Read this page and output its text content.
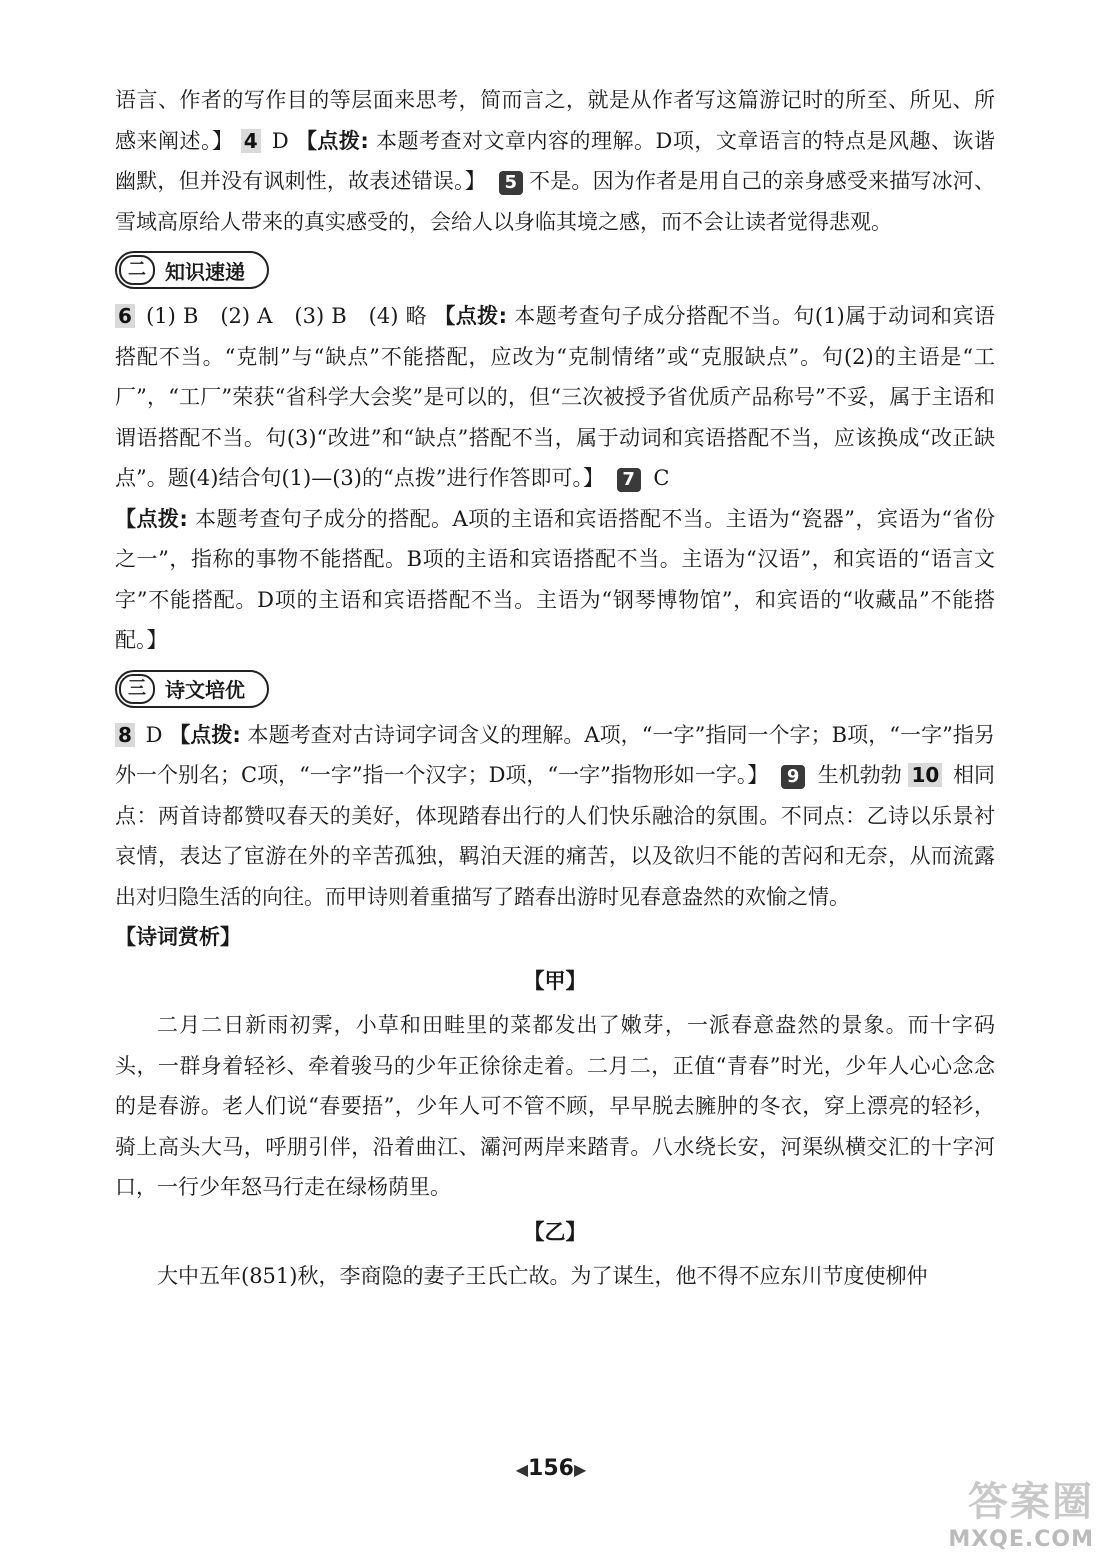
语言、作者的写作目的等层面来思考，简而言之，就是从作者写这篇游记时的所至、所见、所感来阐述。】 4 D 【点拨: 本题考查对文章内容的理解。D项，文章语言的特点是风趣、诙谐幽默，但并没有讽刺性，故表述错误。】 5 不是。因为作者是用自己的亲身感受来描写冰河、雪域高原给人带来的真实感受的，会给人以身临其境之感，而不会让读者觉得悲观。

二 知识速递

6 (1) B　(2) A　(3) B　(4) 略 【点拨: 本题考查句子成分搭配不当。句(1)属于动词和宾语搭配不当。“克制”与“缺点”不能搭配，应改为“克制情绪”或“克服缺点”。句(2)的主语是“工厂”，“工厂”荣获“省科学大会奖”是可以的，但“三次被授予省优质产品称号”不妥，属于主语和谓语搭配不当。句(3)“改进”和“缺点”搭配不当，属于动词和宾语搭配不当，应该换成“改正缺点”。题(4)结合句(1)—(3)的“点拨”进行作答即可。】 7 C
【点拨: 本题考查句子成分的搭配。A项的主语和宾语搭配不当。主语为“瓷器”，宾语为“省份之一”，指称的事物不能搭配。B项的主语和宾语搭配不当。主语为“汉语”，和宾语的“语言文字”不能搭配。D项的主语和宾语搭配不当。主语为“钢琴博物馆”，和宾语的“收藏品”不能搭配。】

三 诗文培优

8 D 【点拨: 本题考查对古诗词字词含义的理解。A项，“一字”指同一个字；B项，“一字”指另外一个别名；C项，“一字”指一个汉字；D项，“一字”指物形如一字。】 9 生机勃勃 10 相同点：两首诗都赞叹春天的美好，体现踏春出行的人们快乐融洽的氛围。不同点：乙诗以乐景衬哀情，表达了宦游在外的辛苦孤独，羁泊天涯的痛苦，以及欲归不能的苦闷和无奈，从而流露出对归隐生活的向往。而甲诗则着重描写了踏春出游时见春意盎然的欢愉之情。

【诗词赏析】
【甲】

二月二日新雨初霁，小草和田畦里的菜都发出了嫩芽，一派春意盎然的景象。而十字码头，一群身着轻衫、牵着骏马的少年正徐徐走着。二月二，正值“青春”时光，少年人心心念念的是春游。老人们说“春要捂”，少年人可不管不顾，早早脱去臃肿的冬衣，穿上漂亮的轻衫，骑上高头大马，呼朋引伴，沿着曲江、灞河两岸来踏青。八水绕长安，河渠纵横交汇的十字河口，一行少年怒马行走在绿杨荫里。

【乙】

大中五年(851)秋，李商隐的妻子王氏亡故。为了谋生，他不得不应东川节度使柳仲

◀156▶
答案圈
MXQE.COM
